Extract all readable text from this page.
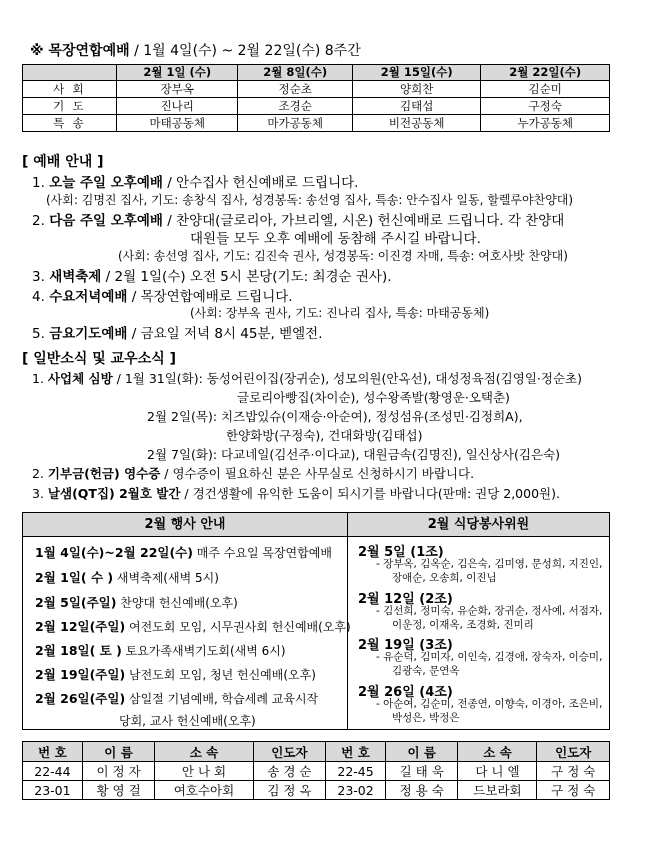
※ 목장연합예배 / 1월 4일(수) ~ 2월 22일(수) 8주간
	2월 1일 (수)	2월 8일(수)	2월 15일(수)	2월 22일(수)
사 회	장부옥	정순초	양희찬	김순미
기 도	진나리	조경순	김태섭	구정숙
특 송	마태공동체	마가공동체	비전공동체	누가공동체
[ 예배 안내 ]
1. 오늘 주일 오후예배 / 안수집사 헌신예배로 드립니다.
(사회: 김명진 집사, 기도: 송창식 집사, 성경봉독: 송선영 집사, 특송: 안수집사 일동, 할렐루야찬양대)
2. 다음 주일 오후예배 / 찬양대(글로리아, 가브리엘, 시온) 헌신예배로 드립니다. 각 찬양대
대원들 모두 오후 예배에 동참해 주시길 바랍니다.
(사회: 송선영 집사, 기도: 김진숙 권사, 성경봉독: 이진경 자매, 특송: 여호사밧 찬양대)
3. 새벽축제 / 2월 1일(수) 오전 5시 본당(기도: 최경순 권사).
4. 수요저녁예배 / 목장연합예배로 드립니다.
(사회: 장부옥 권사, 기도: 진나리 집사, 특송: 마태공동체)
5. 금요기도예배 / 금요일 저녁 8시 45분, 벧엘전.
[ 일반소식 및 교우소식 ]
1. 사업체 심방 / 1월 31일(화): 동성어린이집(장귀순), 성모의원(안옥선), 대성정육점(김영일·정순초)
글로리아빵집(차이순), 성수왕족발(황영운·오택춘)
2월 2일(목): 치즈밥있슈(이재승·아순여), 정성섬유(조성민·김정희A),
한양화방(구정숙), 건대화방(김태섭)
2월 7일(화): 다교네일(김선주·이다교), 대원금속(김명진), 일신상사(김은숙)
2. 기부금(헌금) 영수증 / 영수증이 필요하신 분은 사무실로 신청하시기 바랍니다.
3. 날샘(QT집) 2월호 발간 / 경건생활에 유익한 도움이 되시기를 바랍니다(판매: 권당 2,000원).
2월 행사 안내
1월 4일(수)~2월 22일(수) 매주 수요일 목장연합예배
2월 1일( 수 ) 새벽축제(새벽 5시)
2월 5일(주일) 찬양대 헌신예배(오후)
2월 12일(주일) 여전도회 모임, 시무권사회 헌신예배(오후)
2월 18일( 토 ) 토요가족새벽기도회(새벽 6시)
2월 19일(주일) 남전도회 모임, 청년 헌신예배(오후)
2월 26일(주일) 삼일절 기념예배, 학습세례 교육시작
당회, 교사 헌신예배(오후)
2월 식당봉사위원
2월 5일 (1조)
- 장부옥, 김옥순, 김은숙, 김미영, 문성희, 지진인,
장애순, 오송희, 이진님
2월 12일 (2조)
- 김선희, 정미숙, 유순화, 장귀순, 정사예, 서점자,
이운정, 이재옥, 조경화, 진미리
2월 19일 (3조)
- 유순덕, 김미자, 이인숙, 김경애, 장숙자, 이승미,
김광숙, 문연옥
2월 26일 (4조)
- 아순여, 김순미, 전종연, 이향숙, 이경아, 조은비,
박성은, 박정은
번 호	이 름	소 속	인도자	번 호	이 름	소 속	인도자
22-44	이 정 자	안 나 회	송 경 순	22-45	길 태 욱	다 니 엘	구 정 숙
23-01	황 영 걸	여호수아회	김 정 옥	23-02	정 용 숙	드보라회	구 정 숙
